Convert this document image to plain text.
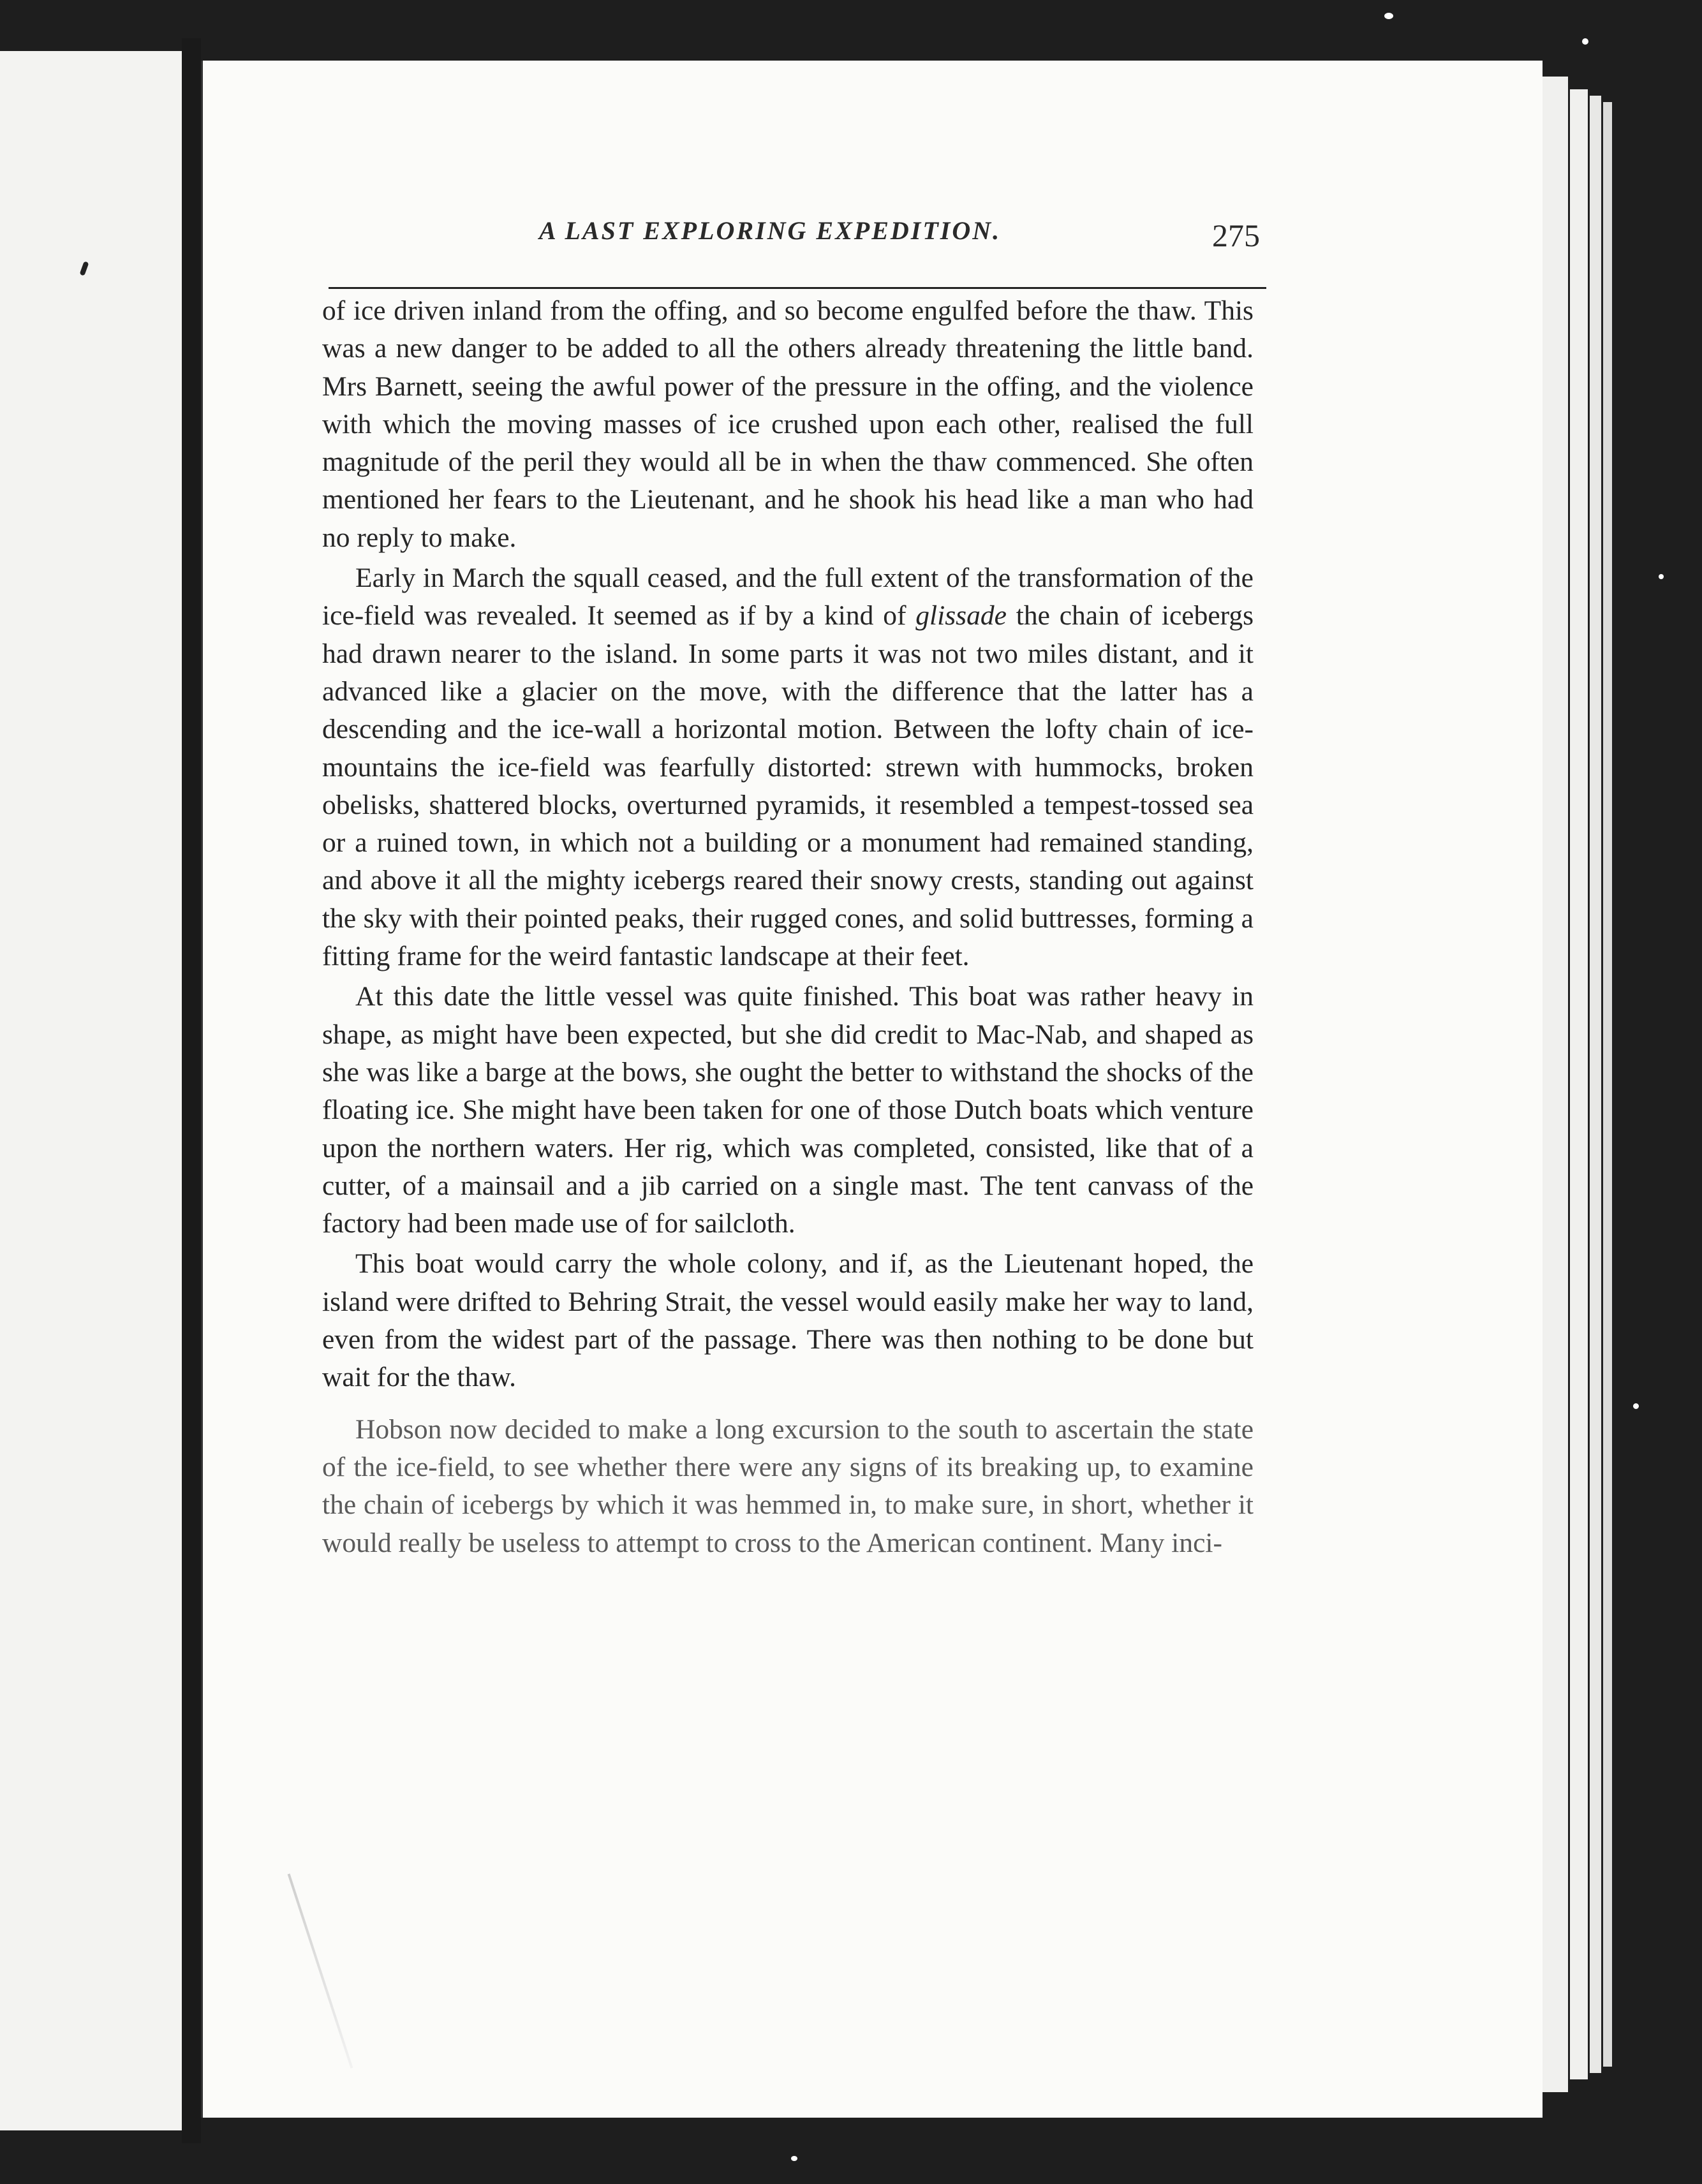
A LAST EXPLORING EXPEDITION.	275

of ice driven inland from the offing, and so become engulfed before the thaw. This was a new danger to be added to all the others already threatening the little band. Mrs Barnett, seeing the awful power of the pressure in the offing, and the violence with which the moving masses of ice crushed upon each other, realised the full magnitude of the peril they would all be in when the thaw commenced. She often mentioned her fears to the Lieutenant, and he shook his head like a man who had no reply to make.

Early in March the squall ceased, and the full extent of the transformation of the ice-field was revealed. It seemed as if by a kind of glissade the chain of icebergs had drawn nearer to the island. In some parts it was not two miles distant, and it advanced like a glacier on the move, with the difference that the latter has a descending and the ice-wall a horizontal motion. Between the lofty chain of ice-mountains the ice-field was fearfully distorted: strewn with hummocks, broken obelisks, shattered blocks, overturned pyramids, it resembled a tempest-tossed sea or a ruined town, in which not a building or a monument had remained standing, and above it all the mighty icebergs reared their snowy crests, standing out against the sky with their pointed peaks, their rugged cones, and solid buttresses, forming a fitting frame for the weird fantastic landscape at their feet.

At this date the little vessel was quite finished. This boat was rather heavy in shape, as might have been expected, but she did credit to Mac-Nab, and shaped as she was like a barge at the bows, she ought the better to withstand the shocks of the floating ice. She might have been taken for one of those Dutch boats which venture upon the northern waters. Her rig, which was completed, consisted, like that of a cutter, of a mainsail and a jib carried on a single mast. The tent canvass of the factory had been made use of for sailcloth.

This boat would carry the whole colony, and if, as the Lieutenant hoped, the island were drifted to Behring Strait, the vessel would easily make her way to land, even from the widest part of the passage. There was then nothing to be done but wait for the thaw.

Hobson now decided to make a long excursion to the south to ascertain the state of the ice-field, to see whether there were any signs of its breaking up, to examine the chain of icebergs by which it was hemmed in, to make sure, in short, whether it would really be useless to attempt to cross to the American continent. Many inci-
